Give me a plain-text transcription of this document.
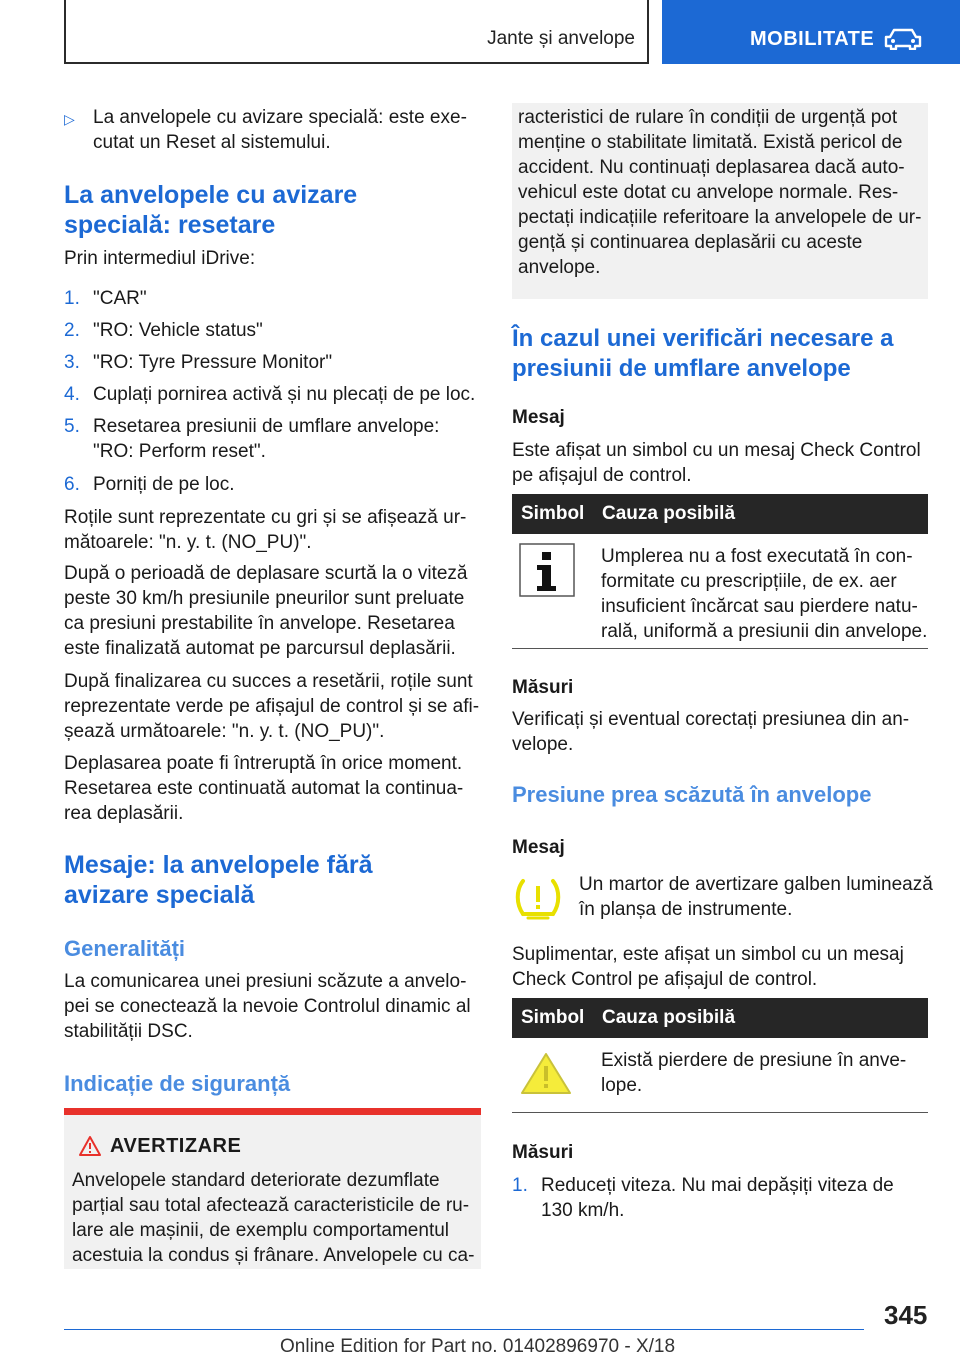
Jante și anvelope	MOBILITATE
▷ La anvelopele cu avizare specială: este exe-
cutat un Reset al sistemului.
La anvelopele cu avizare
specială: resetare
Prin intermediul iDrive:
1. "CAR"
2. "RO: Vehicle status"
3. "RO: Tyre Pressure Monitor"
4. Cuplați pornirea activă și nu plecați de pe loc.
5. Resetarea presiunii de umflare anvelope:
"RO: Perform reset".
6. Porniți de pe loc.
Roțile sunt reprezentate cu gri și se afișează ur-
mătoarele: "n. y. t. (NO_PU)".
După o perioadă de deplasare scurtă la o viteză
peste 30 km/h presiunile pneurilor sunt preluate
ca presiuni prestabilite în anvelope. Resetarea
este finalizată automat pe parcursul deplasării.
După finalizarea cu succes a resetării, roțile sunt
reprezentate verde pe afișajul de control și se afi-
șează următoarele: "n. y. t. (NO_PU)".
Deplasarea poate fi întreruptă în orice moment.
Resetarea este continuată automat la continua-
rea deplasării.
Mesaje: la anvelopele fără
avizare specială
Generalități
La comunicarea unei presiuni scăzute a anvelo-
pei se conectează la nevoie Controlul dinamic al
stabilității DSC.
Indicație de siguranță
AVERTIZARE
Anvelopele standard deteriorate dezumflate
parțial sau total afectează caracteristicile de ru-
lare ale mașinii, de exemplu comportamentul
acestuia la condus și frânare. Anvelopele cu ca-
racteristici de rulare în condiții de urgență pot
menține o stabilitate limitată. Există pericol de
accident. Nu continuați deplasarea dacă auto-
vehicul este dotat cu anvelope normale. Res-
pectați indicațiile referitoare la anvelopele de ur-
gență și continuarea deplasării cu aceste
anvelope.
În cazul unei verificări necesare a
presiunii de umflare anvelope
Mesaj
Este afișat un simbol cu un mesaj Check Control
pe afișajul de control.
Simbol Cauza posibilă
Umplerea nu a fost executată în con-
formitate cu prescripțiile, de ex. aer
insuficient încărcat sau pierdere natu-
rală, uniformă a presiunii din anvelope.
Măsuri
Verificați și eventual corectați presiunea din an-
velope.
Presiune prea scăzută în anvelope
Mesaj
Un martor de avertizare galben luminează
în planșa de instrumente.
Suplimentar, este afișat un simbol cu un mesaj
Check Control pe afișajul de control.
Simbol Cauza posibilă
Există pierdere de presiune în anve-
lope.
Măsuri
1. Reduceți viteza. Nu mai depășiți viteza de
130 km/h.
345
Online Edition for Part no. 01402896970 - X/18
